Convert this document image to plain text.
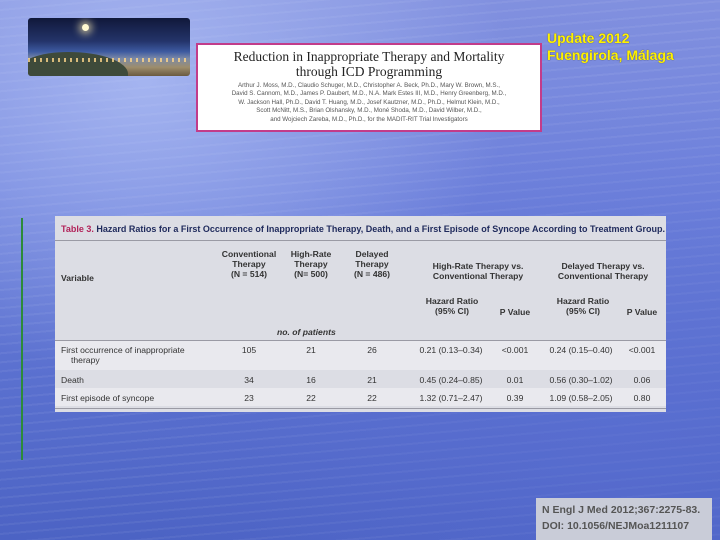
Reduction in Inappropriate Therapy and Mortality
through ICD Programming
Arthur J. Moss, M.D., Claudio Schuger, M.D., Christopher A. Beck, Ph.D., Mary W. Brown, M.S.,
David S. Cannom, M.D., James P. Daubert, M.D., N.A. Mark Estes III, M.D., Henry Greenberg, M.D.,
W. Jackson Hall, Ph.D., David T. Huang, M.D., Josef Kautzner, M.D., Ph.D., Helmut Klein, M.D.,
Scott McNitt, M.S., Brian Olshansky, M.D., Moné Shoda, M.D., David Wilber, M.D.,
and Wojciech Zareba, M.D., Ph.D., for the MADIT-RIT Trial Investigators
Update 2012
Fuengirola, Málaga
Table 3. Hazard Ratios for a First Occurrence of Inappropriate Therapy, Death, and a First Episode of Syncope According to Treatment Group.
Conventional
Therapy
(N = 514)
High-Rate
Therapy
(N= 500)
Delayed
Therapy
(N = 486)
High-Rate Therapy vs.
Conventional Therapy
Delayed Therapy vs.
Conventional Therapy
Variable
Hazard Ratio
(95% CI)	P Value
Hazard Ratio
(95% CI)	P Value
no. of patients
First occurrence of inappropriate
therapy
105	21	26	0.21 (0.13–0.34)	<0.001	0.24 (0.15–0.40)	<0.001
Death	34	16	21	0.45 (0.24–0.85)	0.01	0.56 (0.30–1.02)	0.06
First episode of syncope	23	22	22	1.32 (0.71–2.47)	0.39	1.09 (0.58–2.05)	0.80
N Engl J Med 2012;367:2275-83.
DOI: 10.1056/NEJMoa1211107
